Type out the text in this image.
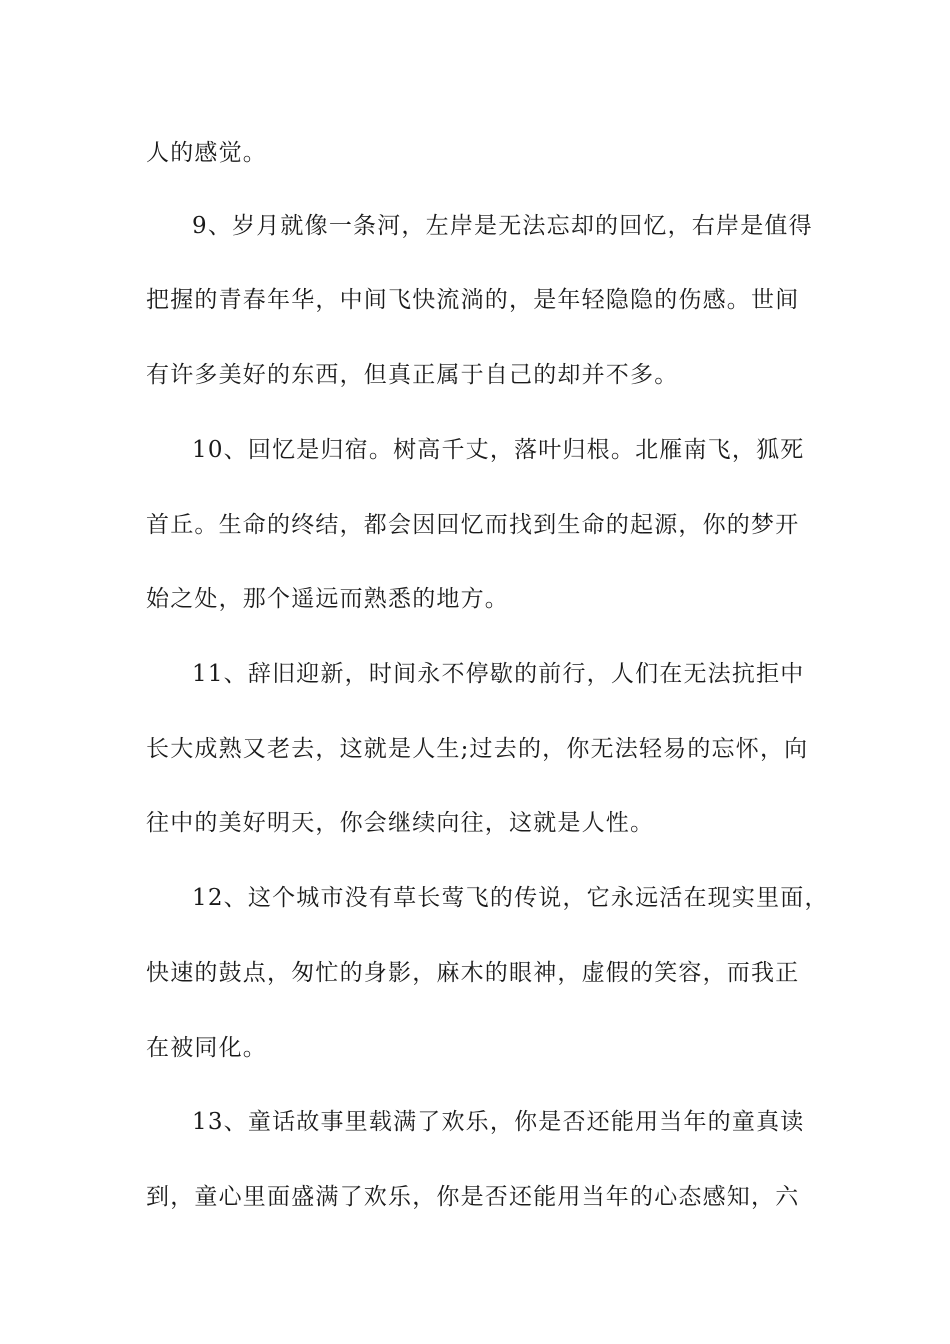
人的感觉。
9、岁月就像一条河，左岸是无法忘却的回忆，右岸是值得
把握的青春年华，中间飞快流淌的，是年轻隐隐的伤感。世间
有许多美好的东西，但真正属于自己的却并不多。
10、回忆是归宿。树高千丈，落叶归根。北雁南飞，狐死
首丘。生命的终结，都会因回忆而找到生命的起源，你的梦开
始之处，那个遥远而熟悉的地方。
11、辞旧迎新，时间永不停歇的前行，人们在无法抗拒中
长大成熟又老去，这就是人生;过去的，你无法轻易的忘怀，向
往中的美好明天，你会继续向往，这就是人性。
12、这个城市没有草长莺飞的传说，它永远活在现实里面，
快速的鼓点，匆忙的身影，麻木的眼神，虚假的笑容，而我正
在被同化。
13、童话故事里载满了欢乐，你是否还能用当年的童真读
到，童心里面盛满了欢乐，你是否还能用当年的心态感知，六
